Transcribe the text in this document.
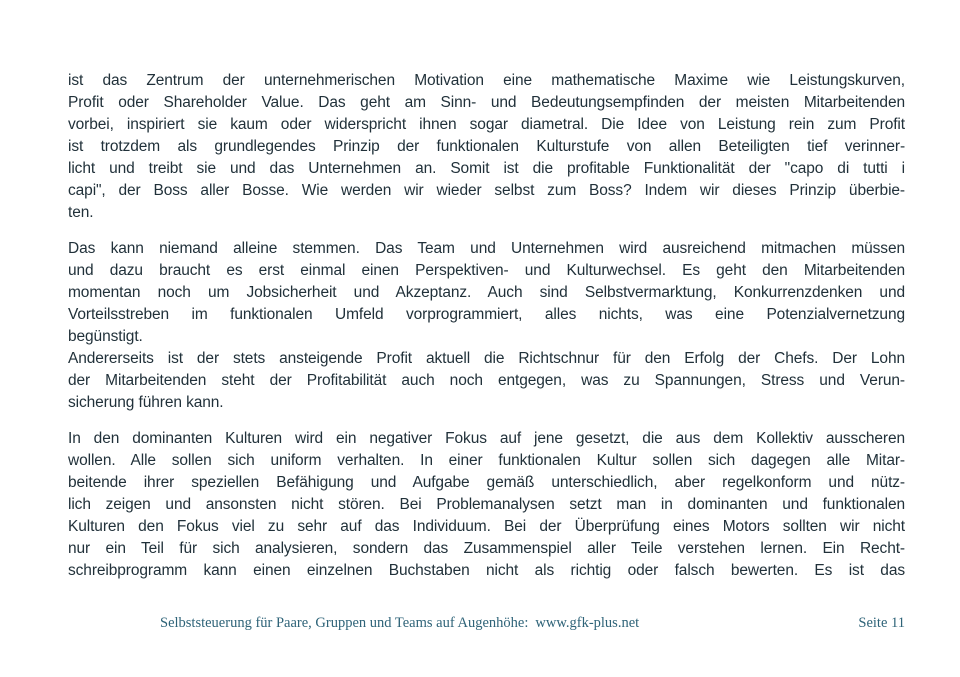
ist das Zentrum der unternehmerischen Motivation eine mathematische Maxime wie Leistungskurven,
Profit oder Shareholder Value. Das geht am Sinn- und Bedeutungsempfinden der meisten Mitarbeitenden
vorbei, inspiriert sie kaum oder widerspricht ihnen sogar diametral. Die Idee von Leistung rein zum Profit
ist trotzdem als grundlegendes Prinzip der funktionalen Kulturstufe von allen Beteiligten tief verinner-
licht und treibt sie und das Unternehmen an. Somit ist die profitable Funktionalität der "capo di tutti i
capi", der Boss aller Bosse. Wie werden wir wieder selbst zum Boss? Indem wir dieses Prinzip überbie-
ten.
Das kann niemand alleine stemmen. Das Team und Unternehmen wird ausreichend mitmachen müssen
und dazu braucht es erst einmal einen Perspektiven- und Kulturwechsel. Es geht den Mitarbeitenden
momentan noch um Jobsicherheit und Akzeptanz. Auch sind Selbstvermarktung, Konkurrenzdenken und
Vorteilsstreben im funktionalen Umfeld vorprogrammiert, alles nichts, was eine Potenzialvernetzung
begünstigt.
Andererseits ist der stets ansteigende Profit aktuell die Richtschnur für den Erfolg der Chefs. Der Lohn
der Mitarbeitenden steht der Profitabilität auch noch entgegen, was zu Spannungen, Stress und Verun-
sicherung führen kann.
In den dominanten Kulturen wird ein negativer Fokus auf jene gesetzt, die aus dem Kollektiv ausscheren
wollen. Alle sollen sich uniform verhalten. In einer funktionalen Kultur sollen sich dagegen alle Mitar-
beitende ihrer speziellen Befähigung und Aufgabe gemäß unterschiedlich, aber regelkonform und nütz-
lich zeigen und ansonsten nicht stören. Bei Problemanalysen setzt man in dominanten und funktionalen
Kulturen den Fokus viel zu sehr auf das Individuum. Bei der Überprüfung eines Motors sollten wir nicht
nur ein Teil für sich analysieren, sondern das Zusammenspiel aller Teile verstehen lernen. Ein Recht-
schreibprogramm kann einen einzelnen Buchstaben nicht als richtig oder falsch bewerten. Es ist das
Selbststeuerung für Paare, Gruppen und Teams auf Augenhöhe: www.gfk-plus.net	Seite 11
